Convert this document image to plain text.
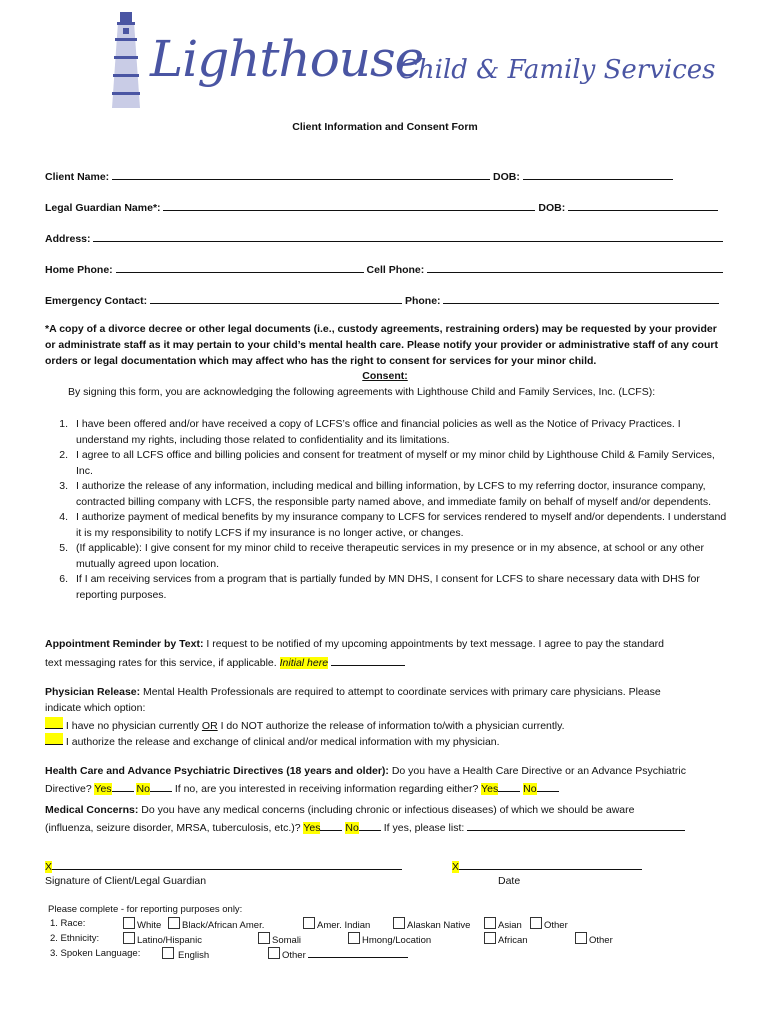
Lighthouse
Child & Family Services
Client Information and Consent Form
Client Name:	DOB:
Legal Guardian Name*:	DOB:
Address:
Home Phone:	Cell Phone:
Emergency Contact:	Phone:
*A copy of a divorce decree or other legal documents (i.e., custody agreements, restraining orders) may be requested by your provider or administrate staff as it may pertain to your child’s mental health care. Please notify your provider or administrative staff of any court orders or legal documentation which may affect who has the right to consent for services for your minor child.
Consent:
By signing this form, you are acknowledging the following agreements with Lighthouse Child and Family Services, Inc. (LCFS):
1. I have been offered and/or have received a copy of LCFS’s office and financial policies as well as the Notice of Privacy Practices. I understand my rights, including those related to confidentiality and its limitations.
2. I agree to all LCFS office and billing policies and consent for treatment of myself or my minor child by Lighthouse Child & Family Services, Inc.
3. I authorize the release of any information, including medical and billing information, by LCFS to my referring doctor, insurance company, contracted billing company with LCFS, the responsible party named above, and immediate family on behalf of myself and/or dependents.
4. I authorize payment of medical benefits by my insurance company to LCFS for services rendered to myself and/or dependents. I understand it is my responsibility to notify LCFS if my insurance is no longer active, or changes.
5. (If applicable): I give consent for my minor child to receive therapeutic services in my presence or in my absence, at school or any other mutually agreed upon location.
6. If I am receiving services from a program that is partially funded by MN DHS, I consent for LCFS to share necessary data with DHS for reporting purposes.
Appointment Reminder by Text: I request to be notified of my upcoming appointments by text message. I agree to pay the standard
text messaging rates for this service, if applicable. Initial here
Physician Release: Mental Health Professionals are required to attempt to coordinate services with primary care physicians. Please
indicate which option:
I have no physician currently OR I do NOT authorize the release of information to/with a physician currently.
I authorize the release and exchange of clinical and/or medical information with my physician.
Health Care and Advance Psychiatric Directives (18 years and older): Do you have a Health Care Directive or an Advance Psychiatric
Directive? Yes No If no, are you interested in receiving information regarding either? Yes No
Medical Concerns: Do you have any medical concerns (including chronic or infectious diseases) of which we should be aware
(influenza, seizure disorder, MRSA, tuberculosis, etc.)? Yes No If yes, please list:
X	X
Signature of Client/Legal Guardian	Date
Please complete - for reporting purposes only:
1. Race:	White	Black/African Amer.	Amer. Indian	Alaskan Native	Asian	Other
2. Ethnicity:	Latino/Hispanic	Somali	Hmong/Location	African	Other
3. Spoken Language:	English	Other
